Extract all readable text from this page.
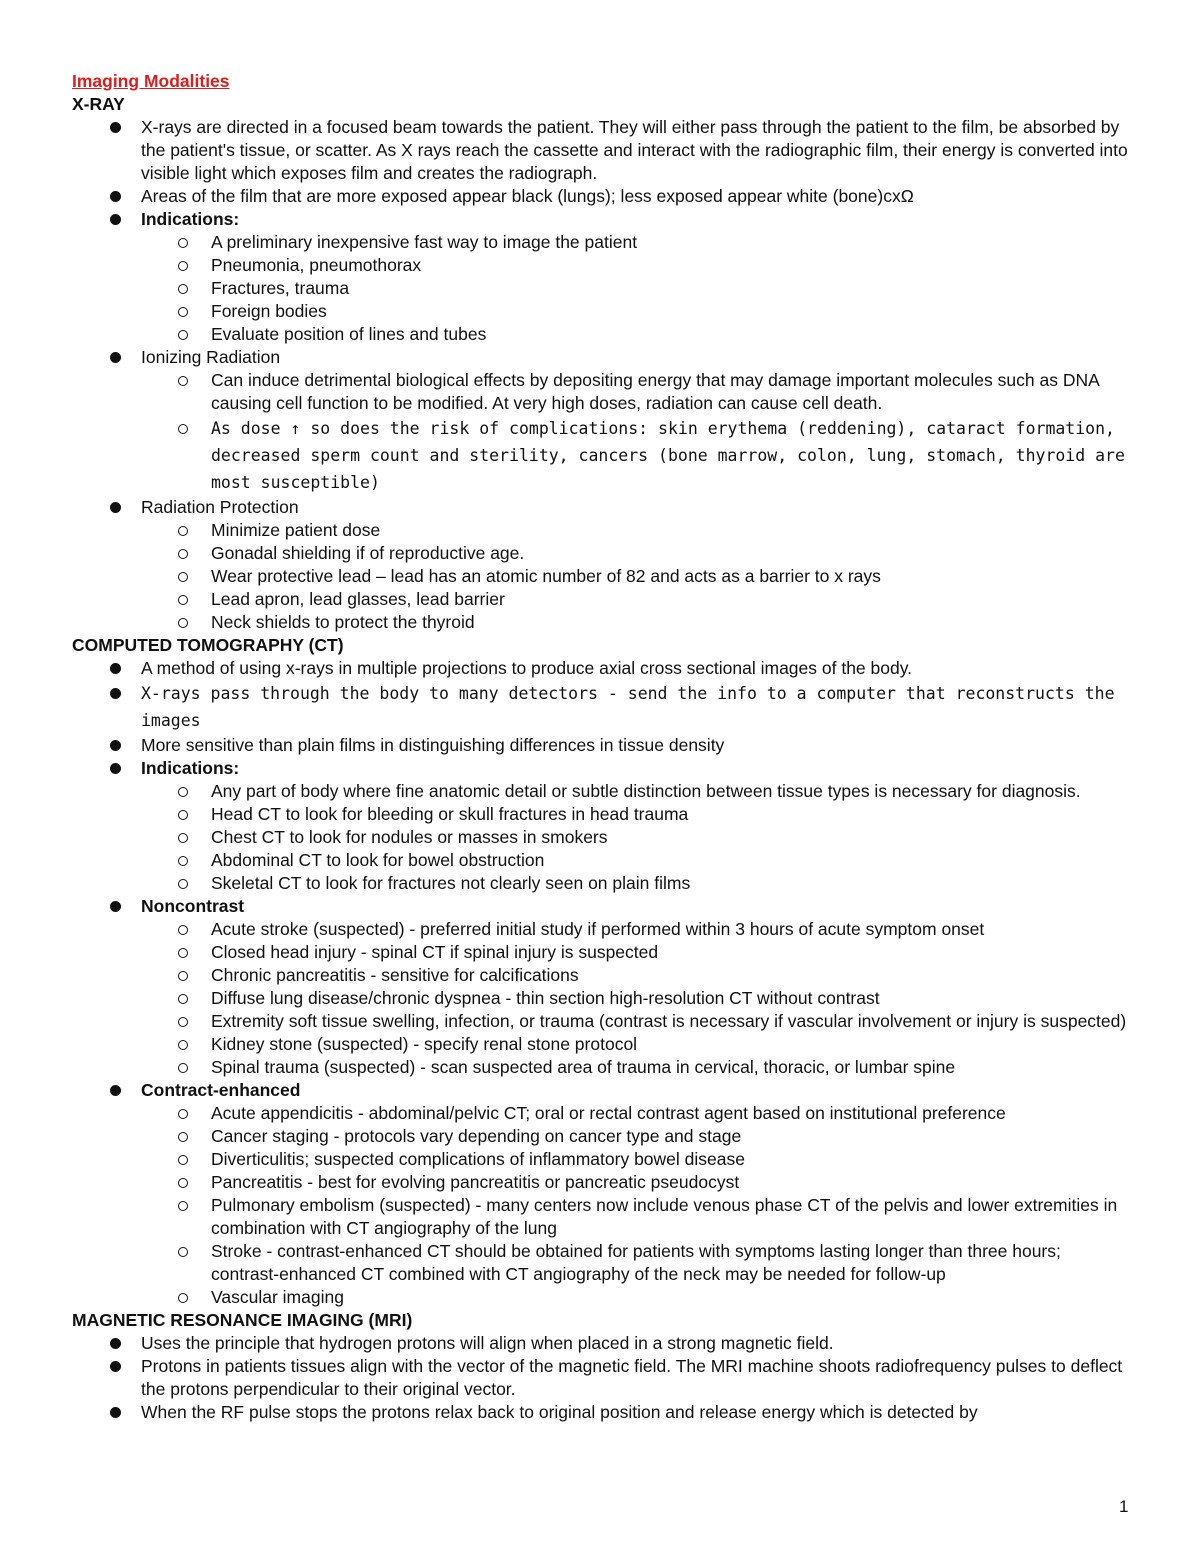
Imaging Modalities
X-RAY
X-rays are directed in a focused beam towards the patient. They will either pass through the patient to the film, be absorbed by the patient's tissue, or scatter. As X rays reach the cassette and interact with the radiographic film, their energy is converted into visible light which exposes film and creates the radiograph.
Areas of the film that are more exposed appear black (lungs); less exposed appear white (bone)cxΩ
Indications:
A preliminary inexpensive fast way to image the patient
Pneumonia, pneumothorax
Fractures, trauma
Foreign bodies
Evaluate position of lines and tubes
Ionizing Radiation
Can induce detrimental biological effects by depositing energy that may damage important molecules such as DNA causing cell function to be modified. At very high doses, radiation can cause cell death.
As dose ↑ so does the risk of complications: skin erythema (reddening), cataract formation, decreased sperm count and sterility, cancers (bone marrow, colon, lung, stomach, thyroid are most susceptible)
Radiation Protection
Minimize patient dose
Gonadal shielding if of reproductive age.
Wear protective lead – lead has an atomic number of 82 and acts as a barrier to x rays
Lead apron, lead glasses, lead barrier
Neck shields to protect the thyroid
COMPUTED TOMOGRAPHY (CT)
A method of using x-rays in multiple projections to produce axial cross sectional images of the body.
X-rays pass through the body to many detectors - send the info to a computer that reconstructs the images
More sensitive than plain films in distinguishing differences in tissue density
Indications:
Any part of body where fine anatomic detail or subtle distinction between tissue types is necessary for diagnosis.
Head CT to look for bleeding or skull fractures in head trauma
Chest CT to look for nodules or masses in smokers
Abdominal CT to look for bowel obstruction
Skeletal CT to look for fractures not clearly seen on plain films
Noncontrast
Acute stroke (suspected) - preferred initial study if performed within 3 hours of acute symptom onset
Closed head injury - spinal CT if spinal injury is suspected
Chronic pancreatitis - sensitive for calcifications
Diffuse lung disease/chronic dyspnea - thin section high-resolution CT without contrast
Extremity soft tissue swelling, infection, or trauma (contrast is necessary if vascular involvement or injury is suspected)
Kidney stone (suspected) - specify renal stone protocol
Spinal trauma (suspected) - scan suspected area of trauma in cervical, thoracic, or lumbar spine
Contract-enhanced
Acute appendicitis - abdominal/pelvic CT; oral or rectal contrast agent based on institutional preference
Cancer staging - protocols vary depending on cancer type and stage
Diverticulitis; suspected complications of inflammatory bowel disease
Pancreatitis - best for evolving pancreatitis or pancreatic pseudocyst
Pulmonary embolism (suspected) - many centers now include venous phase CT of the pelvis and lower extremities in combination with CT angiography of the lung
Stroke - contrast-enhanced CT should be obtained for patients with symptoms lasting longer than three hours; contrast-enhanced CT combined with CT angiography of the neck may be needed for follow-up
Vascular imaging
MAGNETIC RESONANCE IMAGING (MRI)
Uses the principle that hydrogen protons will align when placed in a strong magnetic field.
Protons in patients tissues align with the vector of the magnetic field. The MRI machine shoots radiofrequency pulses to deflect the protons perpendicular to their original vector.
When the RF pulse stops the protons relax back to original position and release energy which is detected by
1
